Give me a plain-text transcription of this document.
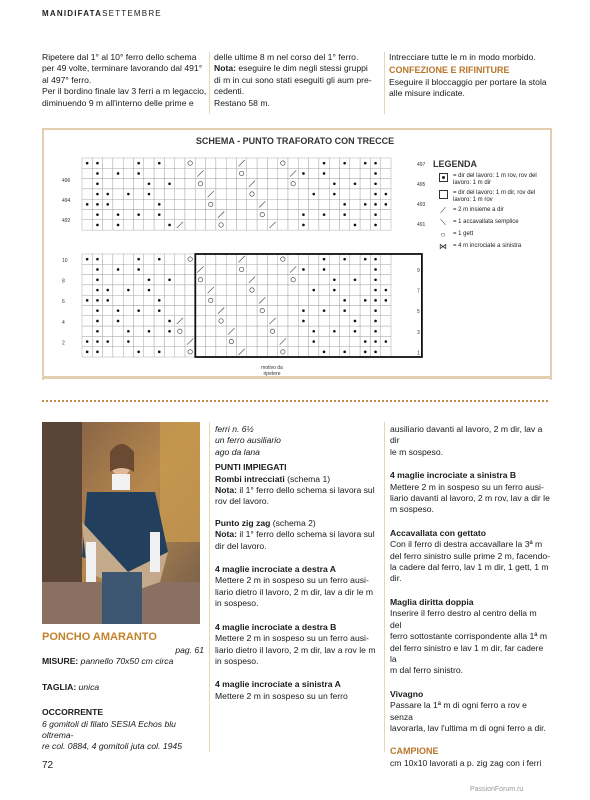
MANIDIFATASETTEMBRE
Ripetere dal 1° al 10° ferro dello schema
per 49 volte, terminare lavorando dal 491°
al 497° ferro.
Per il bordino finale lav 3 ferri a m legaccio,
diminuendo 9 m all'interno delle prime e

delle ultime 8 m nel corso del 1° ferro.

Nota: eseguire le dim negli stessi gruppi
di m in cui sono stati eseguiti gli aum pre-
cedenti.
Restano 58 m.

Intrecciare tutte le m in modo morbido.

CONFEZIONE E RIFINITURE
Eseguire il bloccaggio per portare la stola
alle misure indicate.

SCHEMA - PUNTO TRAFORATO CON TRECCE
496
494
492
497
495
493
491
10
8
6
4
2
9
7
5
3
1
motivo da ripetere
LEGENDA
= dir del lavoro: 1 m rov, rov del lavoro: 1 m dir
= dir del lavoro: 1 m dir, rov del lavoro: 1 m rov
⟋	= 2 m insieme a dir
⟍	= 1 accavallata semplice
○	= 1 gett
⋈	= 4 m incrociate a sinistra
PONCHO AMARANTO
pag. 61
MISURE: pannello 70x50 cm circa
TAGLIA: unica
OCCORRENTE
6 gomitoli di filato SESIA Echos blu oltrema-
re col. 0884, 4 gomitoli juta col. 1945

ferri n. 6½
un ferro ausiliario
ago da lana

PUNTI IMPIEGATI
Rombi intrecciati (schema 1)
Nota: il 1° ferro dello schema si lavora sul
rov del lavoro.
Punto zig zag (schema 2)
Nota: il 1° ferro dello schema si lavora sul
dir del lavoro.
4 maglie incrociate a destra A
Mettere 2 m in sospeso su un ferro ausi-
liario dietro il lavoro, 2 m dir, lav a dir le m
in sospeso.

4 maglie incrociate a destra B
Mettere 2 m in sospeso su un ferro ausi-
liario dietro il lavoro, 2 m dir, lav a rov le m
in sospeso.

4 maglie incrociate a sinistra A
Mettere 2 m in sospeso su un ferro

ausiliario davanti al lavoro, 2 m dir, lav a dir
le m sospeso.

4 maglie incrociate a sinistra B
Mettere 2 m in sospeso su un ferro ausi-
liario davanti al lavoro, 2 m rov, lav a dir le
m sospeso.

Accavallata con gettato
Con il ferro di destra accavallare la 3ª m
del ferro sinistro sulle prime 2 m, facendo-
la cadere dal ferro, lav 1 m dir, 1 gett, 1 m dir.

Maglia diritta doppia
Inserire il ferro destro al centro della m del
ferro sottostante corrispondente alla 1ª m
del ferro sinistro e lav 1 m dir, far cadere la
m dal ferro sinistro.

Vivagno
Passare la 1ª m di ogni ferro a rov e senza
lavorarla, lav l'ultima m di ogni ferro a dir.

CAMPIONE
cm 10x10 lavorati a p. zig zag con i ferri

72
PassionForum.ru
